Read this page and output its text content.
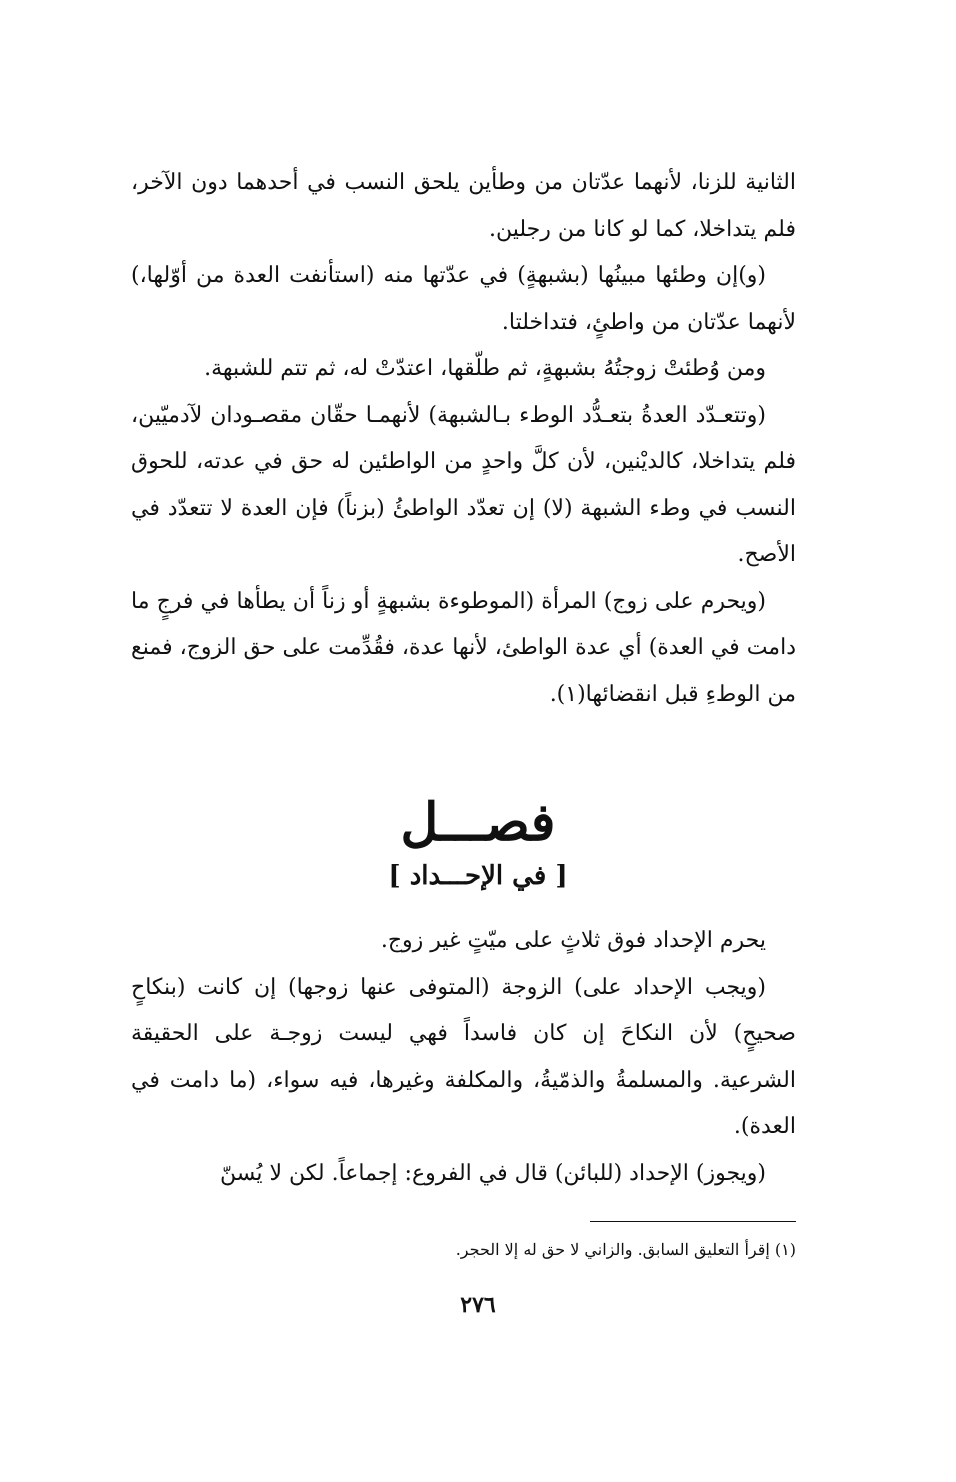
الثانية للزنا، لأنهما عدّتان من وطأين يلحق النسب في أحدهما دون الآخر، فلم يتداخلا، كما لو كانا من رجلين.

(و)إن وطئها مبينُها (بشبهةٍ) في عدّتها منه (استأنفت العدة من أوّلها،) لأنهما عدّتان من واطئٍ، فتداخلتا.

ومن وُطئتْ زوجتُهُ بشبهةٍ، ثم طلّقها، اعتدّتْ له، ثم تتم للشبهة.

(وتتعـدّد العدةُ بتعـدُّد الوطء بـالشبهة) لأنهمـا حقّان مقصـودان لآدميّين، فلم يتداخلا، كالديْنين، لأن كلَّ واحدٍ من الواطئين له حق في عدته، للحوق النسب في وطء الشبهة (لا) إن تعدّد الواطئُ (بزناً) فإن العدة لا تتعدّد في الأصح.

(ويحرم على زوج) المرأة (الموطوءة بشبهةٍ أو زناً أن يطأها في فرجٍ ما دامت في العدة) أي عدة الواطئ، لأنها عدة، فقُدِّمت على حق الزوج، فمنع من الوطءِ قبل انقضائها(١).

فصـــل
[ في الإحـــداد ]

يحرم الإحداد فوق ثلاثٍ على ميّتٍ غير زوج.

(ويجب الإحداد على) الزوجة (المتوفى عنها زوجها) إن كانت (بنكاحٍ صحيحٍ) لأن النكاحَ إن كان فاسداً فهي ليست زوجـة على الحقيقة الشرعية. والمسلمةُ والذمّيةُ، والمكلفة وغيرها، فيه سواء، (ما دامت في العدة).

(ويجوز) الإحداد (للبائن) قال في الفروع: إجماعاً. لكن لا يُسنّ

(١) إقرأ التعليق السابق. والزاني لا حق له إلا الحجر.
٢٧٦
